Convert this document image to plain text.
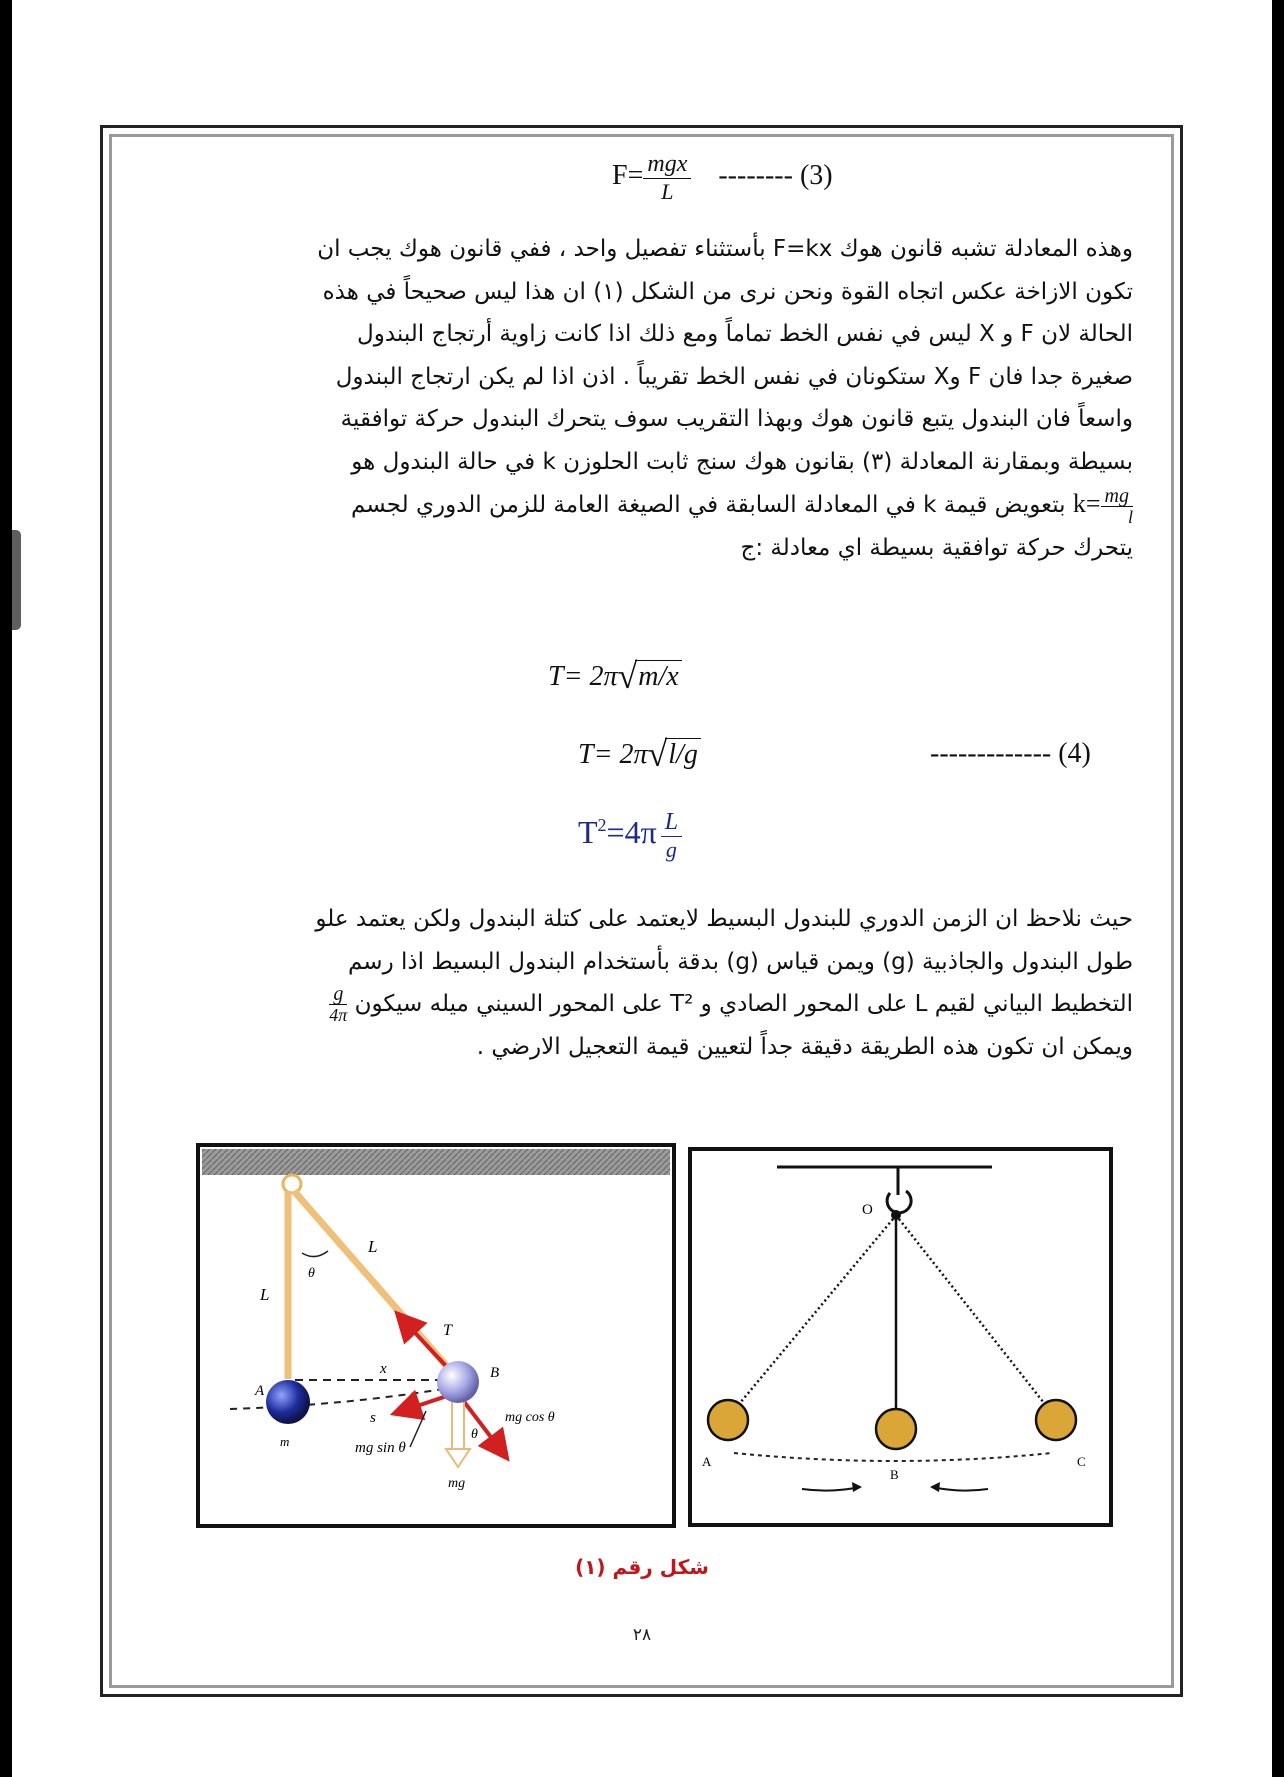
$F= \frac{\text{mgx}}{L}$ -------- (3)
وهذه المعادلة تشبه قانون هوك F=kx بأستثناء تفصيل واحد ، ففي قانون هوك يجب ان
تكون الازاخة عكس اتجاه القوة ونحن نرى من الشكل (١) ان هذا ليس صحيحاً في هذه
الحالة لان F و X ليس في نفس الخط تماماً ومع ذلك اذا كانت زاوية أرتجاج البندول
صغيرة جدا فان F وX ستكونان في نفس الخط تقريباً . اذن اذا لم يكن ارتجاج البندول
واسعاً فان البندول يتبع قانون هوك وبهذا التقريب سوف يتحرك البندول حركة توافقية
بسيطة وبمقارنة المعادلة (٣) بقانون هوك سنج ثابت الحلوزن k في حالة البندول هو
$k= \frac{mg}{l}$
بتعويض قيمة k في المعادلة السابقة في الصيغة العامة للزمن الدوري لجسم
يتحرك حركة توافقية بسيطة اي معادلة :ج
T= 2π√m/x
T= 2π√l/g	------------- (4)
$T^2=4\pi \frac{L}{g}$
حيث نلاحظ ان الزمن الدوري للبندول البسيط لايعتمد على كتلة البندول ولكن يعتمد علو
طول البندول والجاذبية (g) ويمن قياس (g) بدقة بأستخدام البندول البسيط اذا رسم
التخطيط البياني لقيم L على المحور الصادي و T² على المحور السيني ميله سيكون
$\frac{g}{4\pi}$
ويمكن ان تكون هذه الطريقة دقيقة جداً لتعيين قيمة التعجيل الارضي .
θ
L
L
T
x	B
A
s
m	mg sin θ
mg cos θ
θ
mg
O
A
B
C
شكل رقم (١)
٢٨
